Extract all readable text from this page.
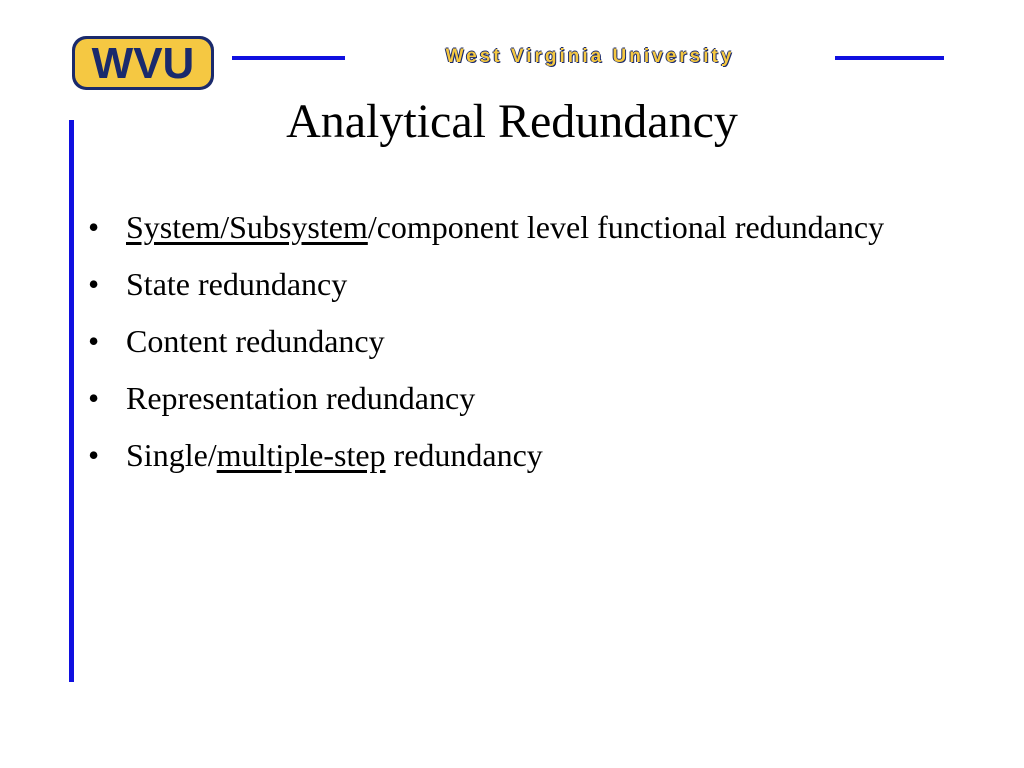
WVU	West Virginia University
Analytical Redundancy
• System/Subsystem/component level functional redundancy
• State redundancy
• Content redundancy
• Representation redundancy
• Single/multiple-step redundancy
